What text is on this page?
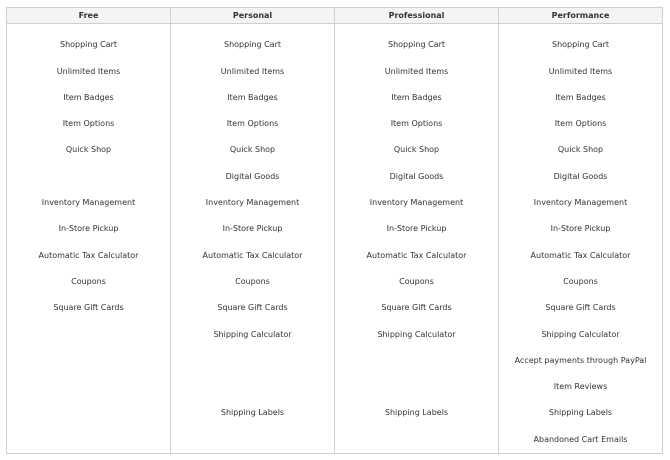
Free
Shopping Cart
Unlimited Items
Item Badges
Item Options
Quick Shop
Inventory Management
In-Store Pickup
Automatic Tax Calculator
Coupons
Square Gift Cards
Personal
Shopping Cart
Unlimited Items
Item Badges
Item Options
Quick Shop
Digital Goods
Inventory Management
In-Store Pickup
Automatic Tax Calculator
Coupons
Square Gift Cards
Shipping Calculator
Shipping Labels
Professional
Shopping Cart
Unlimited Items
Item Badges
Item Options
Quick Shop
Digital Goods
Inventory Management
In-Store Pickup
Automatic Tax Calculator
Coupons
Square Gift Cards
Shipping Calculator
Shipping Labels
Performance
Shopping Cart
Unlimited Items
Item Badges
Item Options
Quick Shop
Digital Goods
Inventory Management
In-Store Pickup
Automatic Tax Calculator
Coupons
Square Gift Cards
Shipping Calculator
Accept payments through PayPal
Item Reviews
Shipping Labels
Abandoned Cart Emails
